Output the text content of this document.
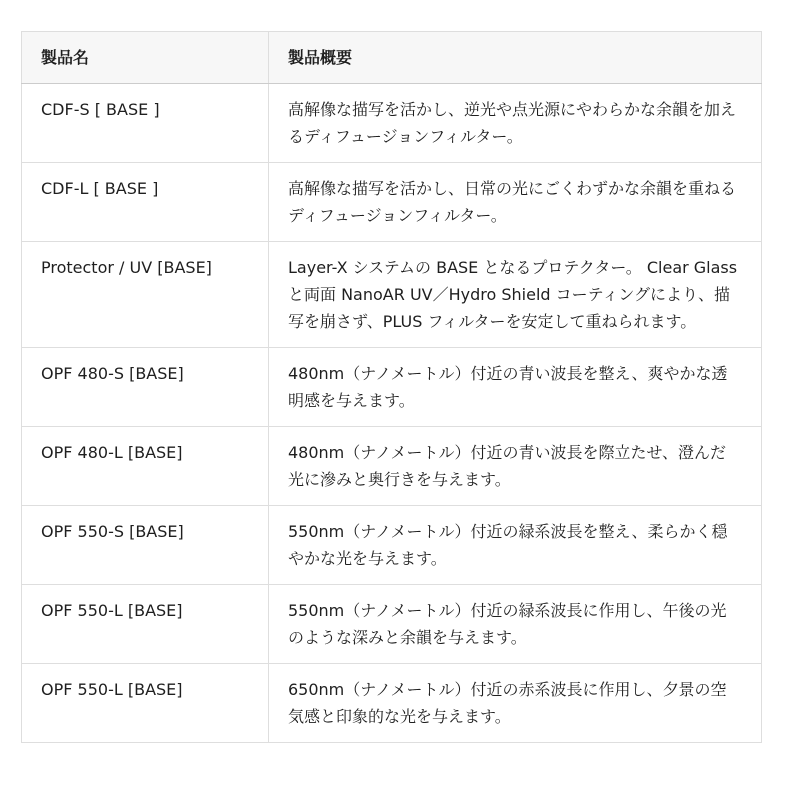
製品名	製品概要
CDF-S [ BASE ]	高解像な描写を活かし、逆光や点光源にやわらかな余韻を加えるディフュージョンフィルター。
CDF-L [ BASE ]	高解像な描写を活かし、日常の光にごくわずかな余韻を重ねるディフュージョンフィルター。
Protector / UV [BASE]	Layer-X システムの BASE となるプロテクター。 Clear Glass と両面 NanoAR UV／Hydro Shield コーティングにより、描写を崩さず、PLUS フィルターを安定して重ねられます。
OPF 480-S [BASE]	480nm（ナノメートル）付近の青い波長を整え、爽やかな透明感を与えます。
OPF 480-L [BASE]	480nm（ナノメートル）付近の青い波長を際立たせ、澄んだ光に滲みと奥行きを与えます。
OPF 550-S [BASE]	550nm（ナノメートル）付近の緑系波長を整え、柔らかく穏やかな光を与えます。
OPF 550-L [BASE]	550nm（ナノメートル）付近の緑系波長に作用し、午後の光のような深みと余韻を与えます。
OPF 550-L [BASE]	650nm（ナノメートル）付近の赤系波長に作用し、夕景の空気感と印象的な光を与えます。
